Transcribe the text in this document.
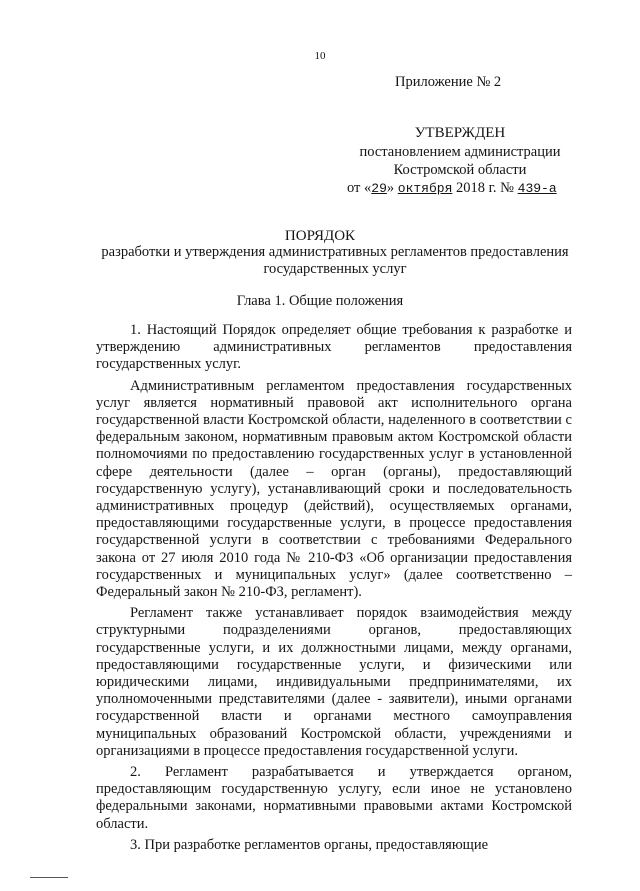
10
Приложение № 2
УТВЕРЖДЕН
постановлением администрации
Костромской области
от «29» октября 2018 г. № 439-а
ПОРЯДОК
разработки и утверждения административных регламентов предоставления государственных услуг
Глава 1. Общие положения

1. Настоящий Порядок определяет общие требования к разработке и утверждению административных регламентов предоставления государственных услуг.

Административным регламентом предоставления государственных услуг является нормативный правовой акт исполнительного органа государственной власти Костромской области, наделенного в соответствии с федеральным законом, нормативным правовым актом Костромской области полномочиями по предоставлению государственных услуг в установленной сфере деятельности (далее – орган (органы), предоставляющий государственную услугу), устанавливающий сроки и последовательность административных процедур (действий), осуществляемых органами, предоставляющими государственные услуги, в процессе предоставления государственной услуги в соответствии с требованиями Федерального закона от 27 июля 2010 года № 210-ФЗ «Об организации предоставления государственных и муниципальных услуг» (далее соответственно – Федеральный закон № 210-ФЗ, регламент).

Регламент также устанавливает порядок взаимодействия между структурными подразделениями органов, предоставляющих государственные услуги, и их должностными лицами, между органами, предоставляющими государственные услуги, и физическими или юридическими лицами, индивидуальными предпринимателями, их уполномоченными представителями (далее - заявители), иными органами государственной власти и органами местного самоуправления муниципальных образований Костромской области, учреждениями и организациями в процессе предоставления государственной услуги.

2. Регламент разрабатывается и утверждается органом, предоставляющим государственную услугу, если иное не установлено федеральными законами, нормативными правовыми актами Костромской области.

3. При разработке регламентов органы, предоставляющие
